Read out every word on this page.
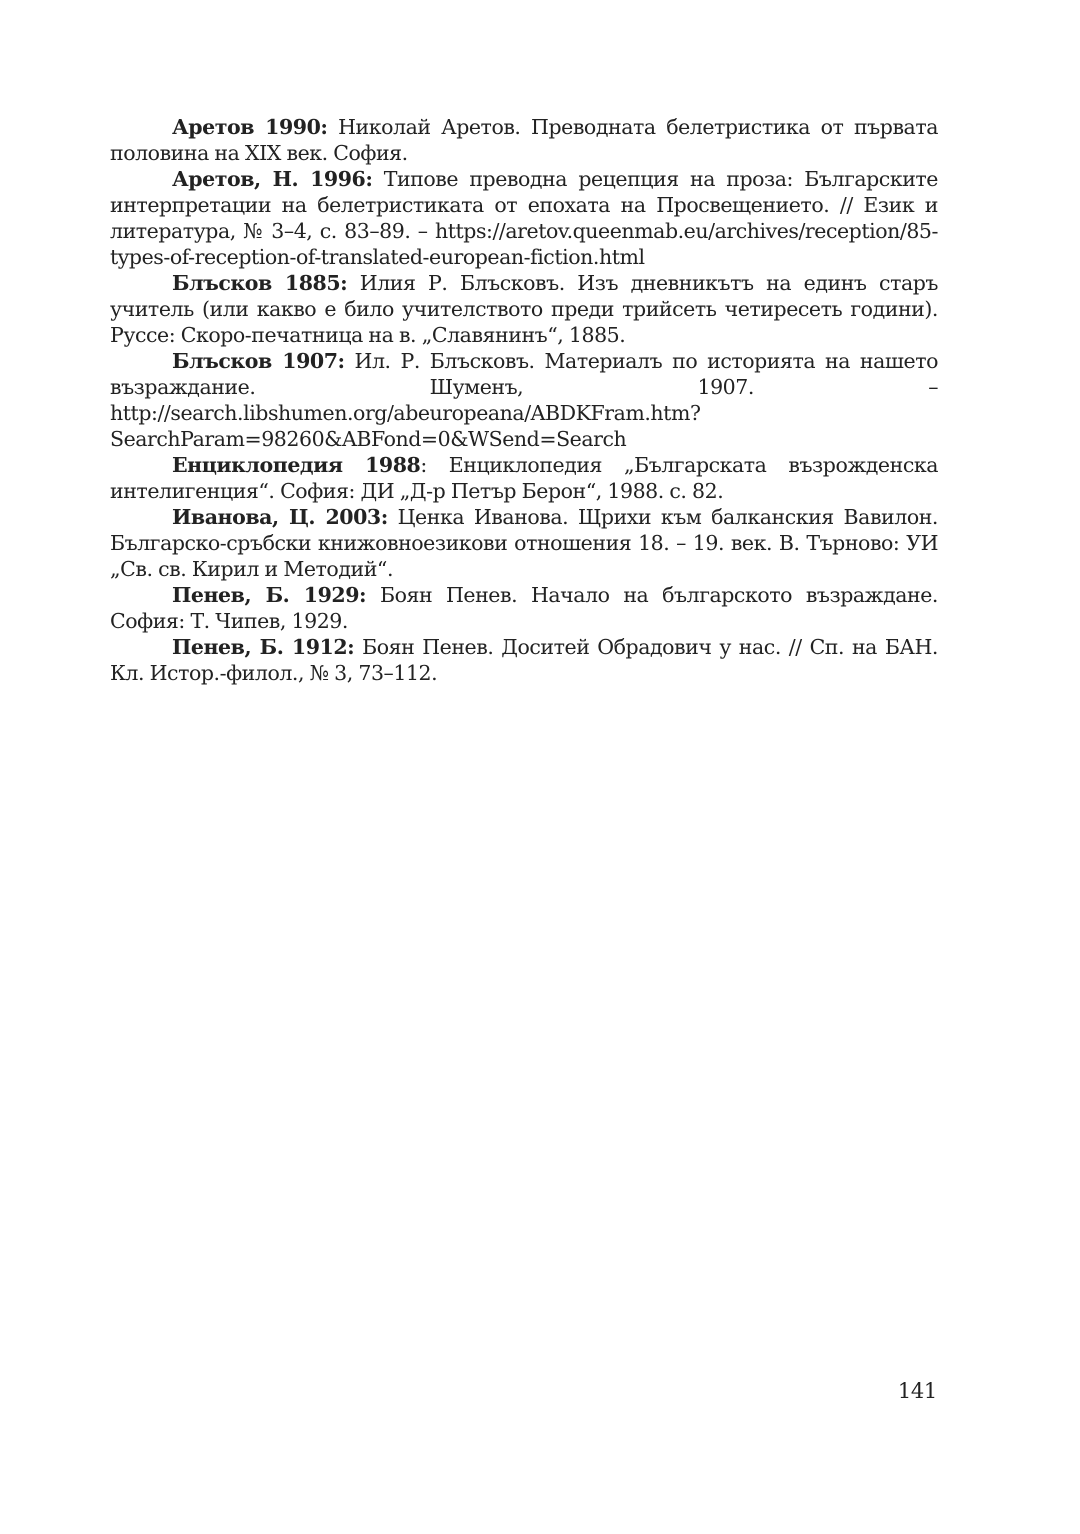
Аретов 1990: Николай Аретов. Преводната белетристика от първата половина на XIX век. София.

Аретов, Н. 1996: Типове преводна рецепция на проза: Българските интерпретации на белетристиката от епохата на Просвещението. // Език и литература, № 3–4, с. 83–89. – https://aretov.queenmab.eu/archives/reception/85-types-of-reception-of-translated-european-fiction.html

Блъсков 1885: Илия Р. Блъсковъ. Изъ дневникътъ на единъ старъ учитель (или какво е било учителството преди трийсеть четиресеть години). Руссе: Скоро-печатница на в. „Славянинъ“, 1885.

Блъсков 1907: Ил. Р. Блъсковъ. Материалъ по историята на нашето възраждание. Шуменъ, 1907. – http://search.libshumen.org/abeuropeana/ABDKFram.htm?SearchParam=98260&ABFond=0&WSend=Search

Енциклопедия 1988: Енциклопедия „Българската възрожденска интелигенция“. София: ДИ „Д-р Петър Берон“, 1988. с. 82.

Иванова, Ц. 2003: Ценка Иванова. Щрихи към балканския Вавилон. Българско-сръбски книжовноезикови отношения 18. – 19. век. В. Търново: УИ „Св. св. Кирил и Методий“.

Пенев, Б. 1929: Боян Пенев. Начало на българското възраждане. София: Т. Чипев, 1929.

Пенев, Б. 1912: Боян Пенев. Доситей Обрадович у нас. // Сп. на БАН. Кл. Истор.-филол., № 3, 73–112.

141
